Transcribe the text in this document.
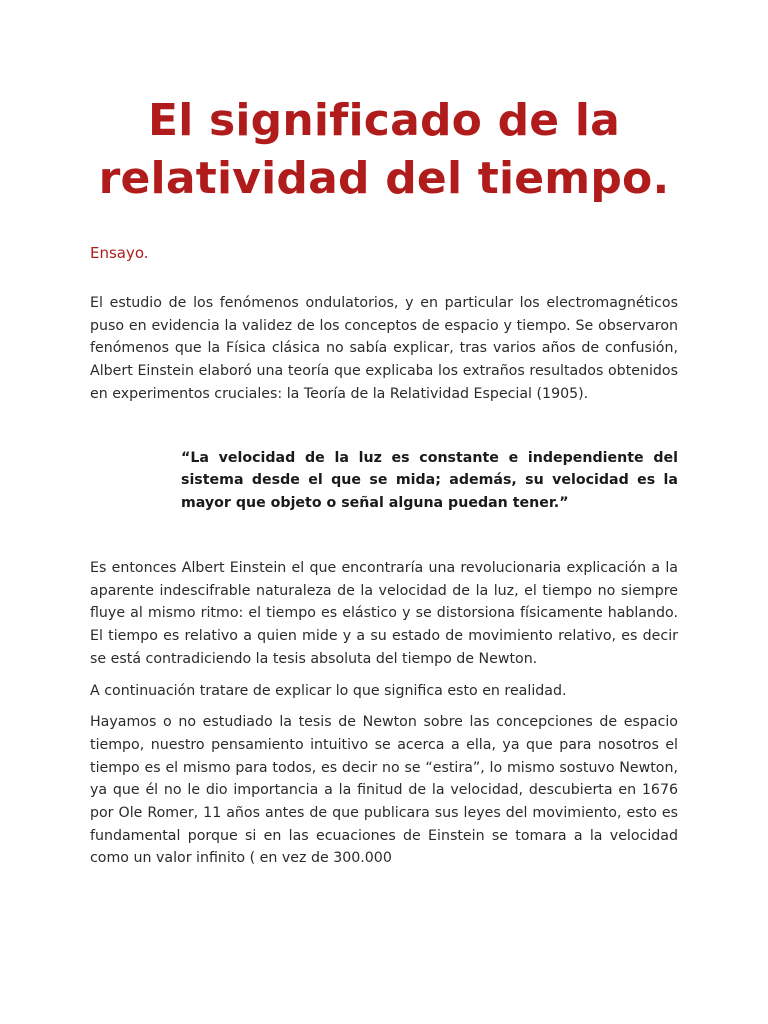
El significado de la
relatividad del tiempo.

Ensayo.

El estudio de los fenómenos ondulatorios, y en particular los electromagnéticos puso en evidencia la validez de los conceptos de espacio y tiempo. Se observaron fenómenos que la Física clásica no sabía explicar, tras varios años de confusión, Albert Einstein elaboró una teoría que explicaba los extraños resultados obtenidos en experimentos cruciales: la Teoría de la Relatividad Especial (1905).

“La velocidad de la luz es constante e independiente del sistema desde el que se mida; además, su velocidad es la mayor que objeto o señal alguna puedan tener.”

Es entonces Albert Einstein el que encontraría una revolucionaria explicación a la aparente indescifrable naturaleza de la velocidad de la luz, el tiempo no siempre fluye al mismo ritmo: el tiempo es elástico y se distorsiona físicamente hablando. El tiempo es relativo a quien mide y a su estado de movimiento relativo, es decir se está contradiciendo la tesis absoluta del tiempo de Newton.

A continuación tratare de explicar lo que significa esto en realidad.

Hayamos o no estudiado la tesis de Newton sobre las concepciones de espacio tiempo, nuestro pensamiento intuitivo se acerca a ella, ya que para nosotros el tiempo es el mismo para todos, es decir no se “estira”, lo mismo sostuvo Newton, ya que él no le dio importancia a la finitud de la velocidad, descubierta en 1676 por Ole Romer, 11 años antes de que publicara sus leyes del movimiento, esto es fundamental porque si en las ecuaciones de Einstein se tomara a la velocidad como un valor infinito ( en vez de 300.000
